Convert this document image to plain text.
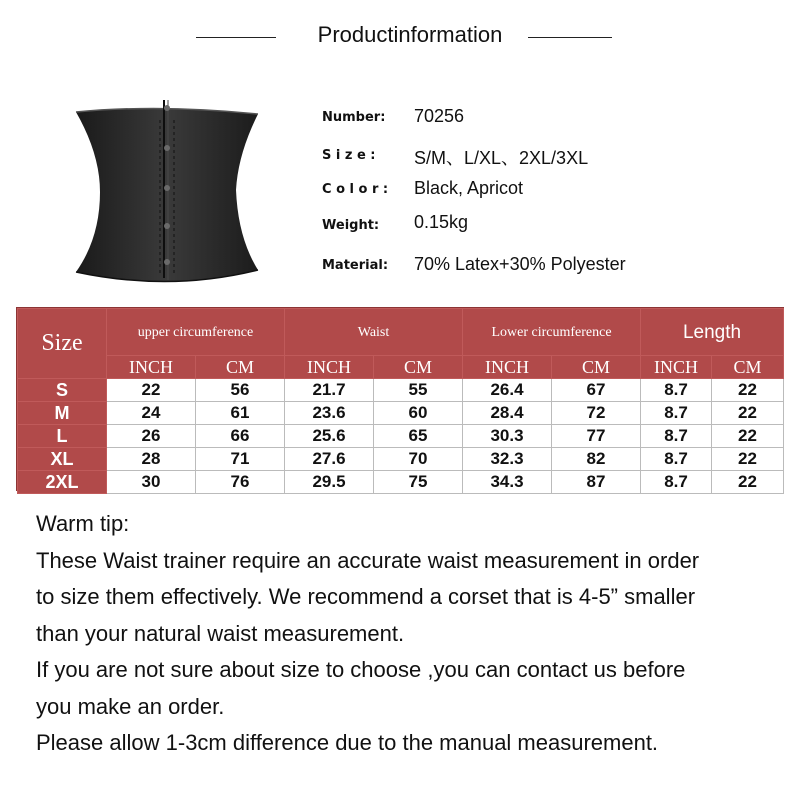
Productinformation
Number: 70256
S i z e : S/M、L/XL、2XL/3XL
C o l o r : Black, Apricot
Weight: 0.15kg
Material: 70% Latex+30% Polyester
Size	upper circumference		Waist		Lower circumference		Length	
	INCH	CM	INCH	CM	INCH	CM	INCH	CM
S	22	56	21.7	55	26.4	67	8.7	22
M	24	61	23.6	60	28.4	72	8.7	22
L	26	66	25.6	65	30.3	77	8.7	22
XL	28	71	27.6	70	32.3	82	8.7	22
2XL	30	76	29.5	75	34.3	87	8.7	22

Warm tip:

These Waist trainer require an accurate waist measurement in order

to size them effectively. We recommend a corset that is 4-5” smaller

than your natural waist measurement.

If you are not sure about size to choose ,you can contact us before

you make an order.

Please allow 1-3cm difference due to the manual measurement.
